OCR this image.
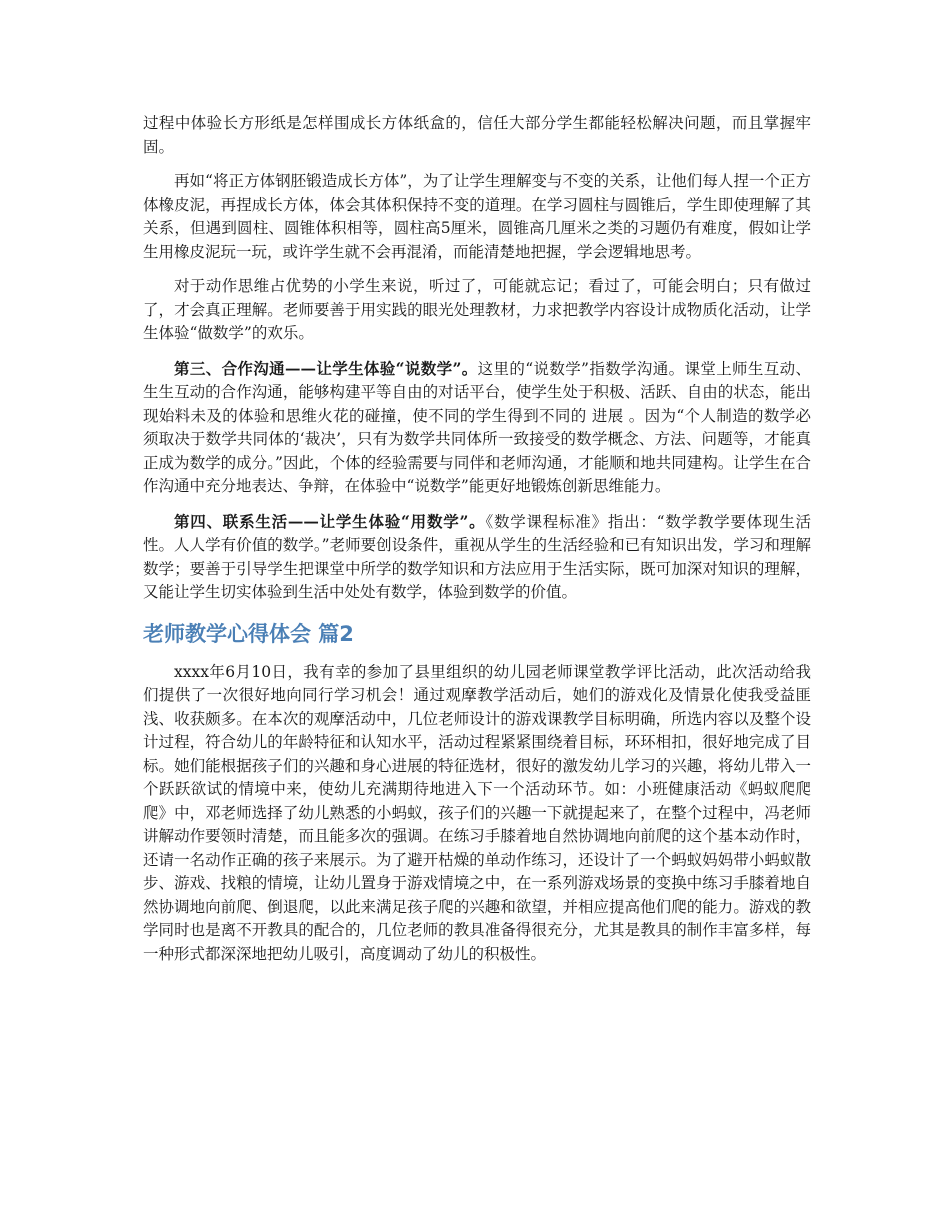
过程中体验长方形纸是怎样围成长方体纸盒的，信任大部分学生都能轻松解决问题，而且掌握牢固。

再如“将正方体钢胚锻造成长方体”，为了让学生理解变与不变的关系，让他们每人捏一个正方体橡皮泥，再捏成长方体，体会其体积保持不变的道理。在学习圆柱与圆锥后，学生即使理解了其关系，但遇到圆柱、圆锥体积相等，圆柱高5厘米，圆锥高几厘米之类的习题仍有难度，假如让学生用橡皮泥玩一玩，或许学生就不会再混淆，而能清楚地把握，学会逻辑地思考。

对于动作思维占优势的小学生来说，听过了，可能就忘记；看过了，可能会明白；只有做过了，才会真正理解。老师要善于用实践的眼光处理教材，力求把教学内容设计成物质化活动，让学生体验“做数学”的欢乐。

第三、合作沟通——让学生体验“说数学”。这里的“说数学”指数学沟通。课堂上师生互动、生生互动的合作沟通，能够构建平等自由的对话平台，使学生处于积极、活跃、自由的状态，能出现始料未及的体验和思维火花的碰撞，使不同的学生得到不同的 进展 。因为“个人制造的数学必须取决于数学共同体的‘裁决’，只有为数学共同体所一致接受的数学概念、方法、问题等，才能真正成为数学的成分。”因此，个体的经验需要与同伴和老师沟通，才能顺和地共同建构。让学生在合作沟通中充分地表达、争辩，在体验中“说数学”能更好地锻炼创新思维能力。

第四、联系生活——让学生体验“用数学”。《数学课程标准》指出：“数学教学要体现生活性。人人学有价值的数学。”老师要创设条件，重视从学生的生活经验和已有知识出发，学习和理解数学；要善于引导学生把课堂中所学的数学知识和方法应用于生活实际，既可加深对知识的理解，又能让学生切实体验到生活中处处有数学，体验到数学的价值。

老师教学心得体会 篇2

xxxx年6月10日，我有幸的参加了县里组织的幼儿园老师课堂教学评比活动，此次活动给我们提供了一次很好地向同行学习机会！通过观摩教学活动后，她们的游戏化及情景化使我受益匪浅、收获颇多。在本次的观摩活动中，几位老师设计的游戏课教学目标明确，所选内容以及整个设计过程，符合幼儿的年龄特征和认知水平，活动过程紧紧围绕着目标，环环相扣，很好地完成了目标。她们能根据孩子们的兴趣和身心进展的特征选材，很好的激发幼儿学习的兴趣，将幼儿带入一个跃跃欲试的情境中来，使幼儿充满期待地进入下一个活动环节。如：小班健康活动《蚂蚁爬爬爬》中，邓老师选择了幼儿熟悉的小蚂蚁，孩子们的兴趣一下就提起来了，在整个过程中，冯老师讲解动作要领时清楚，而且能多次的强调。在练习手膝着地自然协调地向前爬的这个基本动作时，还请一名动作正确的孩子来展示。为了避开枯燥的单动作练习，还设计了一个蚂蚁妈妈带小蚂蚁散步、游戏、找粮的情境，让幼儿置身于游戏情境之中，在一系列游戏场景的变换中练习手膝着地自然协调地向前爬、倒退爬，以此来满足孩子爬的兴趣和欲望，并相应提高他们爬的能力。游戏的教学同时也是离不开教具的配合的，几位老师的教具准备得很充分，尤其是教具的制作丰富多样，每一种形式都深深地把幼儿吸引，高度调动了幼儿的积极性。
